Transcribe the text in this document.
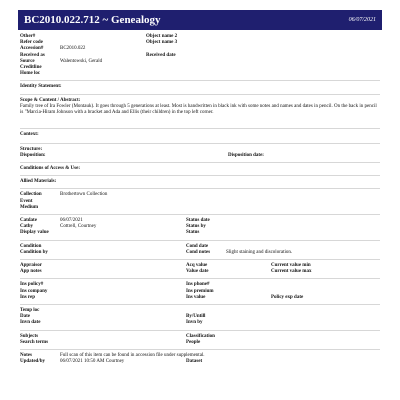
BC2010.022.712 ~ Genealogy	06/07/2021
Other#	Object name 2
Refer code	Object name 3
Accession#	BC2010.022
Received as	Received date
Source	Walentowski, Gerald
Creditline
Home loc
Identity Statement:
Scope & Content / Abstract:
Family tree of Ira Fowler (Montauk). It goes through 5 generations at least. Most is handwritten in black ink with some notes and names and dates in pencil. On the back in pencil is "Marcia-Hiram Johnson with a bracket and Ada and Ellis (their children) in the top left corner.
Context:
Structure:
Disposition:	Disposition date:
Conditions of Access & Use:
Allied Materials:
Collection	Brothertown Collection
Event
Medium
Catdate	06/07/2021	Status date
Catby	Cottrell, Courtney	Status by
Display value	Status
Condition	Cond date
Condition by	Cond notes	Slight staining and discoloration.
Appraisor	Acq value	Current value min
App notes	Value date	Current value max
Ins policy#	Ins phone#
Ins company	Ins premium
Ins rep	Ins value	Policy exp date
Temp loc
Date	By/Untill
Invn date	Invn by
Subjects	Classification
Search terms	People
Notes	Full scan of this item can be found in accession file under supplemental.
Updated/by	06/07/2021 10:50 AM Courtney	Dataset
